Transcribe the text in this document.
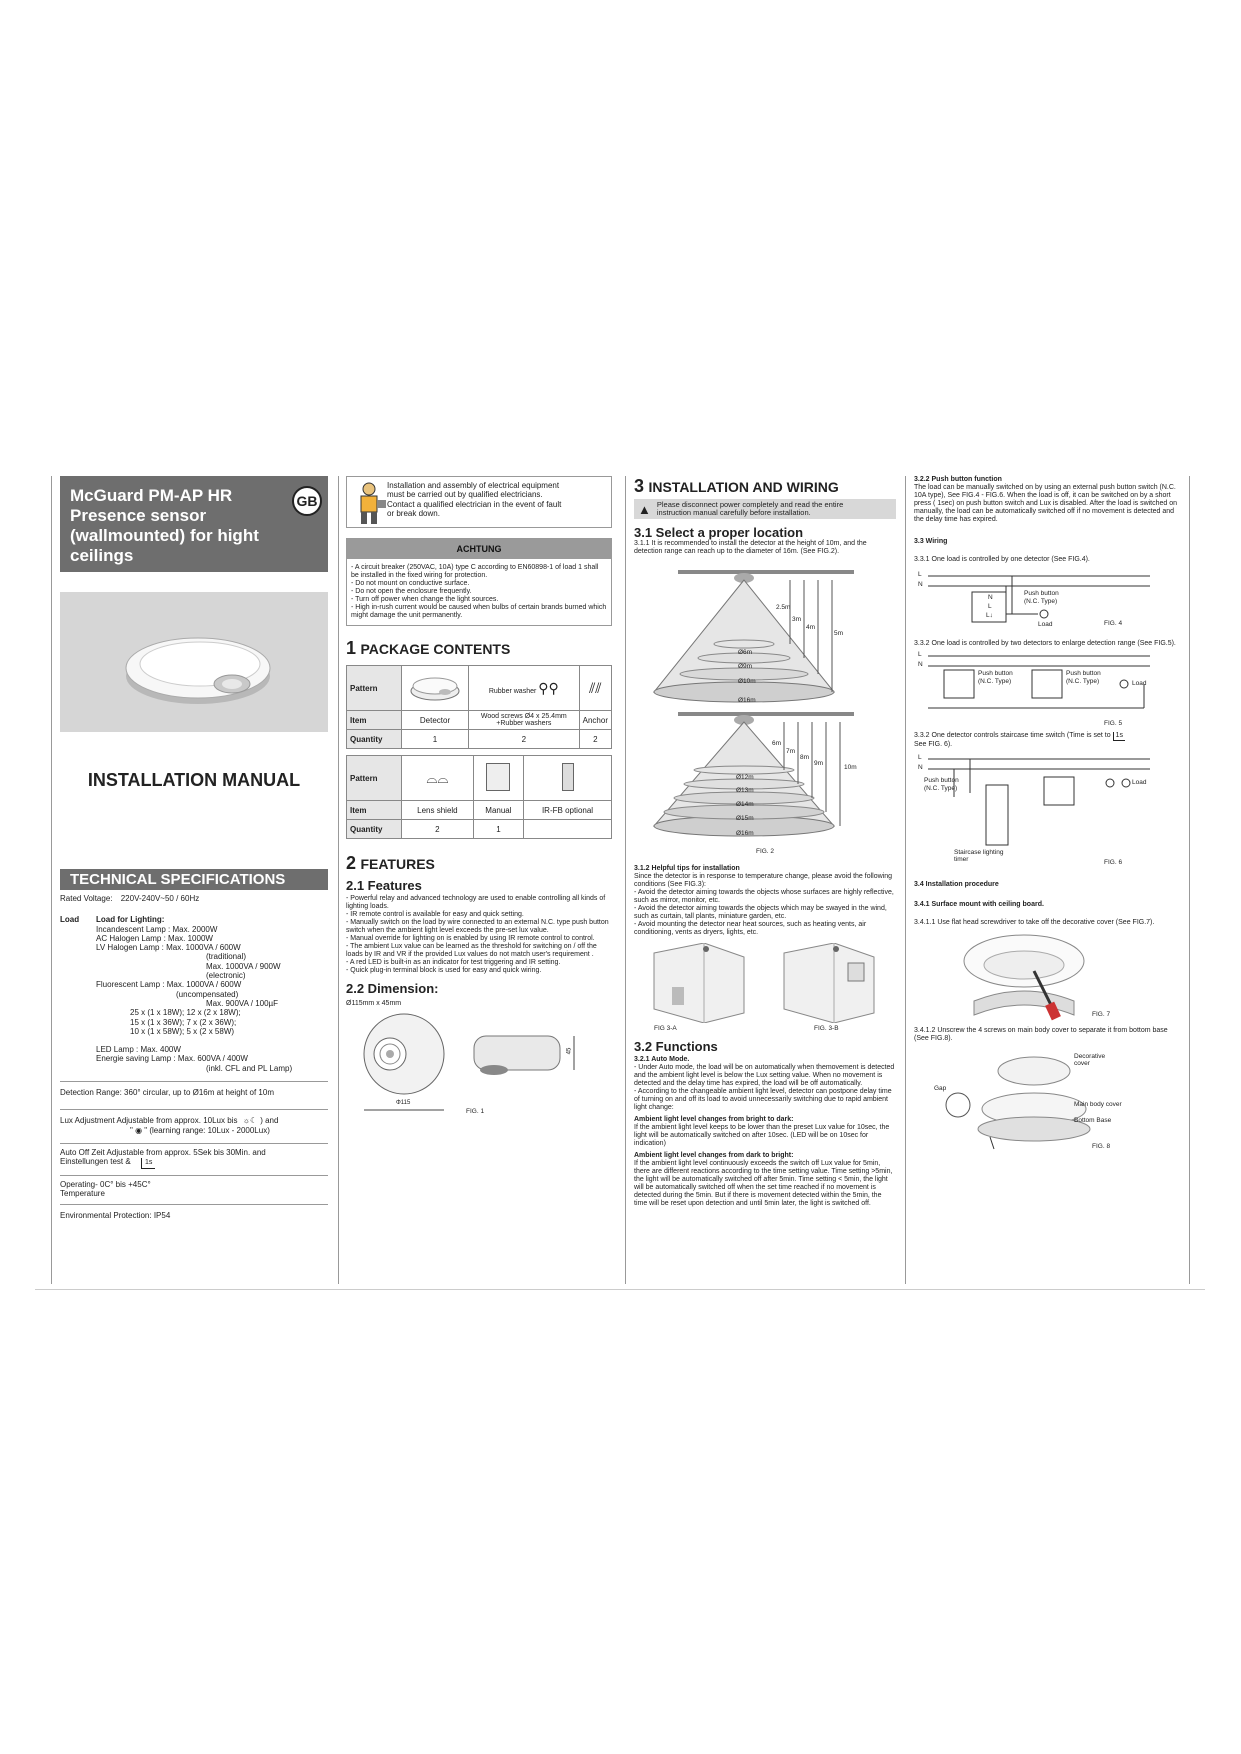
McGuard PM-AP HR
Presence sensor
(wallmounted) for hight
ceilings
GB
INSTALLATION MANUAL
TECHNICAL SPECIFICATIONS
Rated Voltage: 220V-240V~50 / 60Hz
Load	Load for Lighting:
Incandescent Lamp : Max. 2000W
AC Halogen Lamp : Max. 1000W
LV Halogen Lamp : Max. 1000VA / 600W
(traditional)
Max. 1000VA / 900W
(electronic)
Fluorescent Lamp : Max. 1000VA / 600W
(uncompensated)
Max. 900VA / 100µF
25 x (1 x 18W); 12 x (2 x 18W);
15 x (1 x 36W); 7 x (2 x 36W);
10 x (1 x 58W); 5 x (2 x 58W)
LED Lamp : Max. 400W
Energie saving Lamp : Max. 600VA / 400W
(inkl. CFL and PL Lamp)
Detection Range: 360° circular, up to Ø16m at height of 10m
Lux Adjustment Adjustable from approx. 10Lux bis ☼☾ ) and
" ◉ " (learning range: 10Lux - 2000Lux)
Auto Off Zeit Adjustable from approx. 5Sek bis 30Min. and
Einstellungen test & 1s
Operating- 0C° bis +45C°
Temperature
Environmental Protection: IP54
Installation and assembly of electrical equipment
must be carried out by qualified electricians.
Contact a qualified electrician in the event of fault
or break down.
ACHTUNG
- A circuit breaker (250VAC, 10A) type C according to EN60898-1 of load 1 shall be installed in the fixed wiring for protection.
- Do not mount on conductive surface.
- Do not open the enclosure frequently.
- Turn off power when change the light sources.
- High in-rush current would be caused when bulbs of certain brands burned which might damage the unit permanently.
1 PACKAGE CONTENTS
Pattern		Rubber washer ⚲⚲	⫽⫽
Item	Detector	Wood screws Ø4 x 25.4mm +Rubber washers	Anchor
Quantity	1	2	2
Pattern	⌓⌓		
Item	Lens shield	Manual	IR-FB optional
Quantity	2	1	
2 FEATURES
2.1 Features
- Powerful relay and advanced technology are used to enable controlling all kinds of lighting loads.
- IR remote control is available for easy and quick setting.
- Manually switch on the load by wire connected to an external N.C. type push button switch when the ambient light level exceeds the pre-set lux value.
- Manual override for lighting on is enabled by using IR remote control to control.
- The ambient Lux value can be learned as the threshold for switching on / off the loads by IR and VR if the provided Lux values do not match user's requirement .
- A red LED is built-in as an indicator for test triggering and IR setting.
- Quick plug-in terminal block is used for easy and quick wiring.
2.2 Dimension:
Ø115mm x 45mm
45
Φ115
FIG. 1
3 INSTALLATION AND WIRING
▲ Please disconnect power completely and read the entire
instruction manual carefully before installation.
3.1 Select a proper location
3.1.1 It is recommended to install the detector at the height of 10m, and the detection range can reach up to the diameter of 16m. (See FIG.2).
2.5m
3m
4m
5m
Ø6m
Ø9m
Ø10m
Ø16m
6m
7m
8m
9m
10m
Ø12m
Ø13m
Ø14m
Ø15m
Ø16m
FIG. 2
3.1.2 Helpful tips for installation
Since the detector is in response to temperature change, please avoid the following conditions (See FIG.3):
- Avoid the detector aiming towards the objects whose surfaces are highly reflective, such as mirror, monitor, etc.
- Avoid the detector aiming towards the objects which may be swayed in the wind, such as curtain, tall plants, miniature garden, etc.
- Avoid mounting the detector near heat sources, such as heating vents, air conditioning, vents as dryers, lights, etc.
FIG 3-A	FIG. 3-B
3.2 Functions
3.2.1 Auto Mode.
- Under Auto mode, the load will be on automatically when themovement is detected and the ambient light level is below the Lux setting value. When no movement is detected and the delay time has expired, the load will be off automatically.
- According to the changeable ambient light level, detector can postpone delay time of turning on and off its load to avoid unnecessarily switching due to rapid ambient light change:
Ambient light level changes from bright to dark:
If the ambient light level keeps to be lower than the preset Lux value for 10sec, the light will be automatically switched on after 10sec. (LED will be on 10sec for indication)
Ambient light level changes from dark to bright:
If the ambient light level continuously exceeds the switch off Lux value for 5min, there are different reactions according to the time setting value. Time setting >5min, the light will be automatically switched off after 5min. Time setting < 5min, the light will be automatically switched off when the set time reached if no movement is detected during the 5min. But if there is movement detected within the 5min, the time will be reset upon detection and until 5min later, the light is switched off.
3.2.2 Push button function
The load can be manually switched on by using an external push button switch (N.C. 10A type), See FIG.4 - FIG.6. When the load is off, it can be switched on by a short press ( 1sec) on push button switch and Lux is disabled. After the load is switched on manually, the load can be automatically switched off if no movement is detected and the delay time has expired.
3.3 Wiring
3.3.1 One load is controlled by one detector (See FIG.4).
L
N
N
L
L↓
Push button
(N.C. Type)
Load	FIG. 4
3.3.2 One load is controlled by two detectors to enlarge detection range (See FIG.5).
L
N
Push button
(N.C. Type)
Push button
(N.C. Type)	Load
FIG. 5
3.3.2 One detector controls staircase time switch (Time is set to 1s
See FIG. 6).
L
N
Push button
(N.C. Type)
Load
Staircase lighting timer	FIG. 6
3.4 Installation procedure
3.4.1 Surface mount with ceiling board.
3.4.1.1 Use flat head screwdriver to take off the decorative cover (See FIG.7).
FIG. 7
3.4.1.2 Unscrew the 4 screws on main body cover to separate it from bottom base (See FIG.8).
Decorative cover
Gap
Main body cover
Bottom Base
FIG. 8
